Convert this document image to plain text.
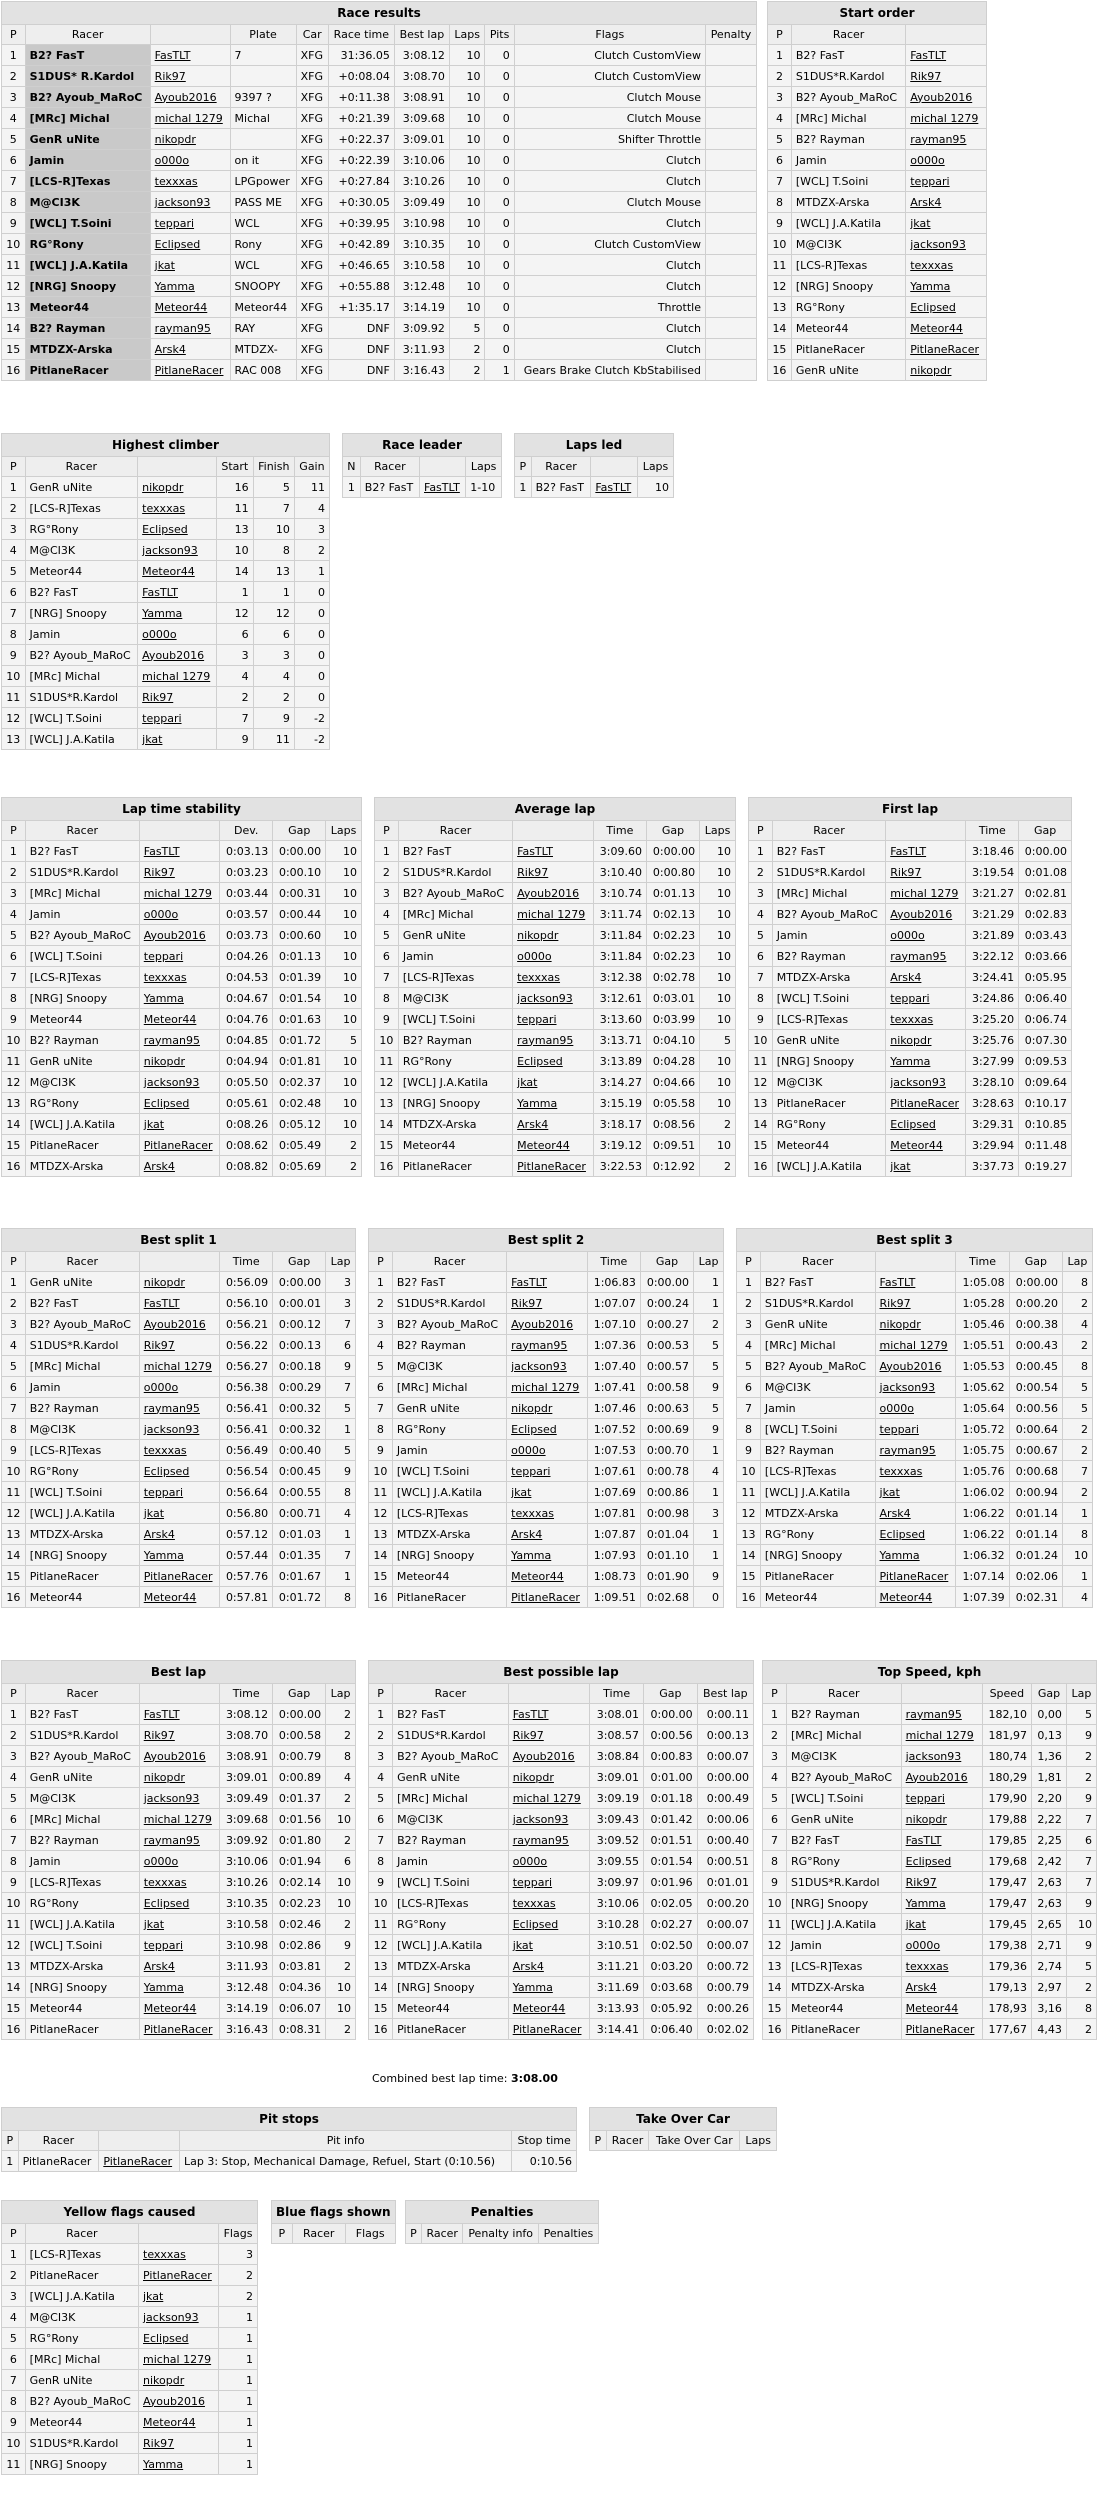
Race results										
P	Racer		Plate	Car	Race time	Best lap	Laps	Pits	Flags	Penalty
1	B2? FasT	FasTLT	7	XFG	31:36.05	3:08.12	10	0	Clutch CustomView	
2	S1DUS* R.Kardol	Rik97		XFG	+0:08.04	3:08.70	10	0	Clutch CustomView	
3	B2? Ayoub_MaRoC	Ayoub2016	9397 ?	XFG	+0:11.38	3:08.91	10	0	Clutch Mouse	
4	[MRc] Michal	michal 1279	Michal	XFG	+0:21.39	3:09.68	10	0	Clutch Mouse	
5	GenR uNite	nikopdr		XFG	+0:22.37	3:09.01	10	0	Shifter Throttle	
6	Jamin	o000o	on it	XFG	+0:22.39	3:10.06	10	0	Clutch	
7	[LCS-R]Texas	texxxas	LPGpower	XFG	+0:27.84	3:10.26	10	0	Clutch	
8	M@CI3K	jackson93	PASS ME	XFG	+0:30.05	3:09.49	10	0	Clutch Mouse	
9	[WCL] T.Soini	teppari	WCL	XFG	+0:39.95	3:10.98	10	0	Clutch	
10	RG°Rony	Eclipsed	Rony	XFG	+0:42.89	3:10.35	10	0	Clutch CustomView	
11	[WCL] J.A.Katila	jkat	WCL	XFG	+0:46.65	3:10.58	10	0	Clutch	
12	[NRG] Snoopy	Yamma	SNOOPY	XFG	+0:55.88	3:12.48	10	0	Clutch	
13	Meteor44	Meteor44	Meteor44	XFG	+1:35.17	3:14.19	10	0	Throttle	
14	B2? Rayman	rayman95	RAY	XFG	DNF	3:09.92	5	0	Clutch	
15	MTDZX-Arska	Arsk4	MTDZX-	XFG	DNF	3:11.93	2	0	Clutch	
16	PitlaneRacer	PitlaneRacer	RAC 008	XFG	DNF	3:16.43	2	1	Gears Brake Clutch KbStabilised	
Start order		
P	Racer	
1	B2? FasT	FasTLT
2	S1DUS*R.Kardol	Rik97
3	B2? Ayoub_MaRoC	Ayoub2016
4	[MRc] Michal	michal 1279
5	B2? Rayman	rayman95
6	Jamin	o000o
7	[WCL] T.Soini	teppari
8	MTDZX-Arska	Arsk4
9	[WCL] J.A.Katila	jkat
10	M@CI3K	jackson93
11	[LCS-R]Texas	texxxas
12	[NRG] Snoopy	Yamma
13	RG°Rony	Eclipsed
14	Meteor44	Meteor44
15	PitlaneRacer	PitlaneRacer
16	GenR uNite	nikopdr
Highest climber					
P	Racer		Start	Finish	Gain
1	GenR uNite	nikopdr	16	5	11
2	[LCS-R]Texas	texxxas	11	7	4
3	RG°Rony	Eclipsed	13	10	3
4	M@CI3K	jackson93	10	8	2
5	Meteor44	Meteor44	14	13	1
6	B2? FasT	FasTLT	1	1	0
7	[NRG] Snoopy	Yamma	12	12	0
8	Jamin	o000o	6	6	0
9	B2? Ayoub_MaRoC	Ayoub2016	3	3	0
10	[MRc] Michal	michal 1279	4	4	0
11	S1DUS*R.Kardol	Rik97	2	2	0
12	[WCL] T.Soini	teppari	7	9	-2
13	[WCL] J.A.Katila	jkat	9	11	-2
Race leader			
N	Racer		Laps
1	B2? FasT	FasTLT	1-10
Laps led			
P	Racer		Laps
1	B2? FasT	FasTLT	10
Lap time stability					
P	Racer		Dev.	Gap	Laps
1	B2? FasT	FasTLT	0:03.13	0:00.00	10
2	S1DUS*R.Kardol	Rik97	0:03.23	0:00.10	10
3	[MRc] Michal	michal 1279	0:03.44	0:00.31	10
4	Jamin	o000o	0:03.57	0:00.44	10
5	B2? Ayoub_MaRoC	Ayoub2016	0:03.73	0:00.60	10
6	[WCL] T.Soini	teppari	0:04.26	0:01.13	10
7	[LCS-R]Texas	texxxas	0:04.53	0:01.39	10
8	[NRG] Snoopy	Yamma	0:04.67	0:01.54	10
9	Meteor44	Meteor44	0:04.76	0:01.63	10
10	B2? Rayman	rayman95	0:04.85	0:01.72	5
11	GenR uNite	nikopdr	0:04.94	0:01.81	10
12	M@CI3K	jackson93	0:05.50	0:02.37	10
13	RG°Rony	Eclipsed	0:05.61	0:02.48	10
14	[WCL] J.A.Katila	jkat	0:08.26	0:05.12	10
15	PitlaneRacer	PitlaneRacer	0:08.62	0:05.49	2
16	MTDZX-Arska	Arsk4	0:08.82	0:05.69	2
Average lap					
P	Racer		Time	Gap	Laps
1	B2? FasT	FasTLT	3:09.60	0:00.00	10
2	S1DUS*R.Kardol	Rik97	3:10.40	0:00.80	10
3	B2? Ayoub_MaRoC	Ayoub2016	3:10.74	0:01.13	10
4	[MRc] Michal	michal 1279	3:11.74	0:02.13	10
5	GenR uNite	nikopdr	3:11.84	0:02.23	10
6	Jamin	o000o	3:11.84	0:02.23	10
7	[LCS-R]Texas	texxxas	3:12.38	0:02.78	10
8	M@CI3K	jackson93	3:12.61	0:03.01	10
9	[WCL] T.Soini	teppari	3:13.60	0:03.99	10
10	B2? Rayman	rayman95	3:13.71	0:04.10	5
11	RG°Rony	Eclipsed	3:13.89	0:04.28	10
12	[WCL] J.A.Katila	jkat	3:14.27	0:04.66	10
13	[NRG] Snoopy	Yamma	3:15.19	0:05.58	10
14	MTDZX-Arska	Arsk4	3:18.17	0:08.56	2
15	Meteor44	Meteor44	3:19.12	0:09.51	10
16	PitlaneRacer	PitlaneRacer	3:22.53	0:12.92	2
First lap				
P	Racer		Time	Gap
1	B2? FasT	FasTLT	3:18.46	0:00.00
2	S1DUS*R.Kardol	Rik97	3:19.54	0:01.08
3	[MRc] Michal	michal 1279	3:21.27	0:02.81
4	B2? Ayoub_MaRoC	Ayoub2016	3:21.29	0:02.83
5	Jamin	o000o	3:21.89	0:03.43
6	B2? Rayman	rayman95	3:22.12	0:03.66
7	MTDZX-Arska	Arsk4	3:24.41	0:05.95
8	[WCL] T.Soini	teppari	3:24.86	0:06.40
9	[LCS-R]Texas	texxxas	3:25.20	0:06.74
10	GenR uNite	nikopdr	3:25.76	0:07.30
11	[NRG] Snoopy	Yamma	3:27.99	0:09.53
12	M@CI3K	jackson93	3:28.10	0:09.64
13	PitlaneRacer	PitlaneRacer	3:28.63	0:10.17
14	RG°Rony	Eclipsed	3:29.31	0:10.85
15	Meteor44	Meteor44	3:29.94	0:11.48
16	[WCL] J.A.Katila	jkat	3:37.73	0:19.27
Best split 1					
P	Racer		Time	Gap	Lap
1	GenR uNite	nikopdr	0:56.09	0:00.00	3
2	B2? FasT	FasTLT	0:56.10	0:00.01	3
3	B2? Ayoub_MaRoC	Ayoub2016	0:56.21	0:00.12	7
4	S1DUS*R.Kardol	Rik97	0:56.22	0:00.13	6
5	[MRc] Michal	michal 1279	0:56.27	0:00.18	9
6	Jamin	o000o	0:56.38	0:00.29	7
7	B2? Rayman	rayman95	0:56.41	0:00.32	5
8	M@CI3K	jackson93	0:56.41	0:00.32	1
9	[LCS-R]Texas	texxxas	0:56.49	0:00.40	5
10	RG°Rony	Eclipsed	0:56.54	0:00.45	9
11	[WCL] T.Soini	teppari	0:56.64	0:00.55	8
12	[WCL] J.A.Katila	jkat	0:56.80	0:00.71	4
13	MTDZX-Arska	Arsk4	0:57.12	0:01.03	1
14	[NRG] Snoopy	Yamma	0:57.44	0:01.35	7
15	PitlaneRacer	PitlaneRacer	0:57.76	0:01.67	1
16	Meteor44	Meteor44	0:57.81	0:01.72	8
Best split 2					
P	Racer		Time	Gap	Lap
1	B2? FasT	FasTLT	1:06.83	0:00.00	1
2	S1DUS*R.Kardol	Rik97	1:07.07	0:00.24	1
3	B2? Ayoub_MaRoC	Ayoub2016	1:07.10	0:00.27	2
4	B2? Rayman	rayman95	1:07.36	0:00.53	5
5	M@CI3K	jackson93	1:07.40	0:00.57	5
6	[MRc] Michal	michal 1279	1:07.41	0:00.58	9
7	GenR uNite	nikopdr	1:07.46	0:00.63	5
8	RG°Rony	Eclipsed	1:07.52	0:00.69	9
9	Jamin	o000o	1:07.53	0:00.70	1
10	[WCL] T.Soini	teppari	1:07.61	0:00.78	4
11	[WCL] J.A.Katila	jkat	1:07.69	0:00.86	1
12	[LCS-R]Texas	texxxas	1:07.81	0:00.98	3
13	MTDZX-Arska	Arsk4	1:07.87	0:01.04	1
14	[NRG] Snoopy	Yamma	1:07.93	0:01.10	1
15	Meteor44	Meteor44	1:08.73	0:01.90	9
16	PitlaneRacer	PitlaneRacer	1:09.51	0:02.68	0
Best split 3					
P	Racer		Time	Gap	Lap
1	B2? FasT	FasTLT	1:05.08	0:00.00	8
2	S1DUS*R.Kardol	Rik97	1:05.28	0:00.20	2
3	GenR uNite	nikopdr	1:05.46	0:00.38	4
4	[MRc] Michal	michal 1279	1:05.51	0:00.43	2
5	B2? Ayoub_MaRoC	Ayoub2016	1:05.53	0:00.45	8
6	M@CI3K	jackson93	1:05.62	0:00.54	5
7	Jamin	o000o	1:05.64	0:00.56	5
8	[WCL] T.Soini	teppari	1:05.72	0:00.64	2
9	B2? Rayman	rayman95	1:05.75	0:00.67	2
10	[LCS-R]Texas	texxxas	1:05.76	0:00.68	7
11	[WCL] J.A.Katila	jkat	1:06.02	0:00.94	2
12	MTDZX-Arska	Arsk4	1:06.22	0:01.14	1
13	RG°Rony	Eclipsed	1:06.22	0:01.14	8
14	[NRG] Snoopy	Yamma	1:06.32	0:01.24	10
15	PitlaneRacer	PitlaneRacer	1:07.14	0:02.06	1
16	Meteor44	Meteor44	1:07.39	0:02.31	4
Best lap					
P	Racer		Time	Gap	Lap
1	B2? FasT	FasTLT	3:08.12	0:00.00	2
2	S1DUS*R.Kardol	Rik97	3:08.70	0:00.58	2
3	B2? Ayoub_MaRoC	Ayoub2016	3:08.91	0:00.79	8
4	GenR uNite	nikopdr	3:09.01	0:00.89	4
5	M@CI3K	jackson93	3:09.49	0:01.37	2
6	[MRc] Michal	michal 1279	3:09.68	0:01.56	10
7	B2? Rayman	rayman95	3:09.92	0:01.80	2
8	Jamin	o000o	3:10.06	0:01.94	6
9	[LCS-R]Texas	texxxas	3:10.26	0:02.14	10
10	RG°Rony	Eclipsed	3:10.35	0:02.23	10
11	[WCL] J.A.Katila	jkat	3:10.58	0:02.46	2
12	[WCL] T.Soini	teppari	3:10.98	0:02.86	9
13	MTDZX-Arska	Arsk4	3:11.93	0:03.81	2
14	[NRG] Snoopy	Yamma	3:12.48	0:04.36	10
15	Meteor44	Meteor44	3:14.19	0:06.07	10
16	PitlaneRacer	PitlaneRacer	3:16.43	0:08.31	2
Best possible lap					
P	Racer		Time	Gap	Best lap
1	B2? FasT	FasTLT	3:08.01	0:00.00	0:00.11
2	S1DUS*R.Kardol	Rik97	3:08.57	0:00.56	0:00.13
3	B2? Ayoub_MaRoC	Ayoub2016	3:08.84	0:00.83	0:00.07
4	GenR uNite	nikopdr	3:09.01	0:01.00	0:00.00
5	[MRc] Michal	michal 1279	3:09.19	0:01.18	0:00.49
6	M@CI3K	jackson93	3:09.43	0:01.42	0:00.06
7	B2? Rayman	rayman95	3:09.52	0:01.51	0:00.40
8	Jamin	o000o	3:09.55	0:01.54	0:00.51
9	[WCL] T.Soini	teppari	3:09.97	0:01.96	0:01.01
10	[LCS-R]Texas	texxxas	3:10.06	0:02.05	0:00.20
11	RG°Rony	Eclipsed	3:10.28	0:02.27	0:00.07
12	[WCL] J.A.Katila	jkat	3:10.51	0:02.50	0:00.07
13	MTDZX-Arska	Arsk4	3:11.21	0:03.20	0:00.72
14	[NRG] Snoopy	Yamma	3:11.69	0:03.68	0:00.79
15	Meteor44	Meteor44	3:13.93	0:05.92	0:00.26
16	PitlaneRacer	PitlaneRacer	3:14.41	0:06.40	0:02.02
Combined best lap time: 3:08.00
Top Speed, kph					
P	Racer		Speed	Gap	Lap
1	B2? Rayman	rayman95	182,10	0,00	5
2	[MRc] Michal	michal 1279	181,97	0,13	9
3	M@CI3K	jackson93	180,74	1,36	2
4	B2? Ayoub_MaRoC	Ayoub2016	180,29	1,81	2
5	[WCL] T.Soini	teppari	179,90	2,20	9
6	GenR uNite	nikopdr	179,88	2,22	7
7	B2? FasT	FasTLT	179,85	2,25	6
8	RG°Rony	Eclipsed	179,68	2,42	7
9	S1DUS*R.Kardol	Rik97	179,47	2,63	7
10	[NRG] Snoopy	Yamma	179,47	2,63	9
11	[WCL] J.A.Katila	jkat	179,45	2,65	10
12	Jamin	o000o	179,38	2,71	9
13	[LCS-R]Texas	texxxas	179,36	2,74	5
14	MTDZX-Arska	Arsk4	179,13	2,97	2
15	Meteor44	Meteor44	178,93	3,16	8
16	PitlaneRacer	PitlaneRacer	177,67	4,43	2
Pit stops				
P	Racer		Pit info	Stop time
1	PitlaneRacer	PitlaneRacer	Lap 3: Stop, Mechanical Damage, Refuel, Start (0:10.56)	0:10.56
Take Over Car
P	Racer	Take Over Car	Laps
Yellow flags caused			
P	Racer		Flags
1	[LCS-R]Texas	texxxas	3
2	PitlaneRacer	PitlaneRacer	2
3	[WCL] J.A.Katila	jkat	2
4	M@CI3K	jackson93	1
5	RG°Rony	Eclipsed	1
6	[MRc] Michal	michal 1279	1
7	GenR uNite	nikopdr	1
8	B2? Ayoub_MaRoC	Ayoub2016	1
9	Meteor44	Meteor44	1
10	S1DUS*R.Kardol	Rik97	1
11	[NRG] Snoopy	Yamma	1
Blue flags shown
P	Racer	Flags
Penalties
P	Racer	Penalty info	Penalties
